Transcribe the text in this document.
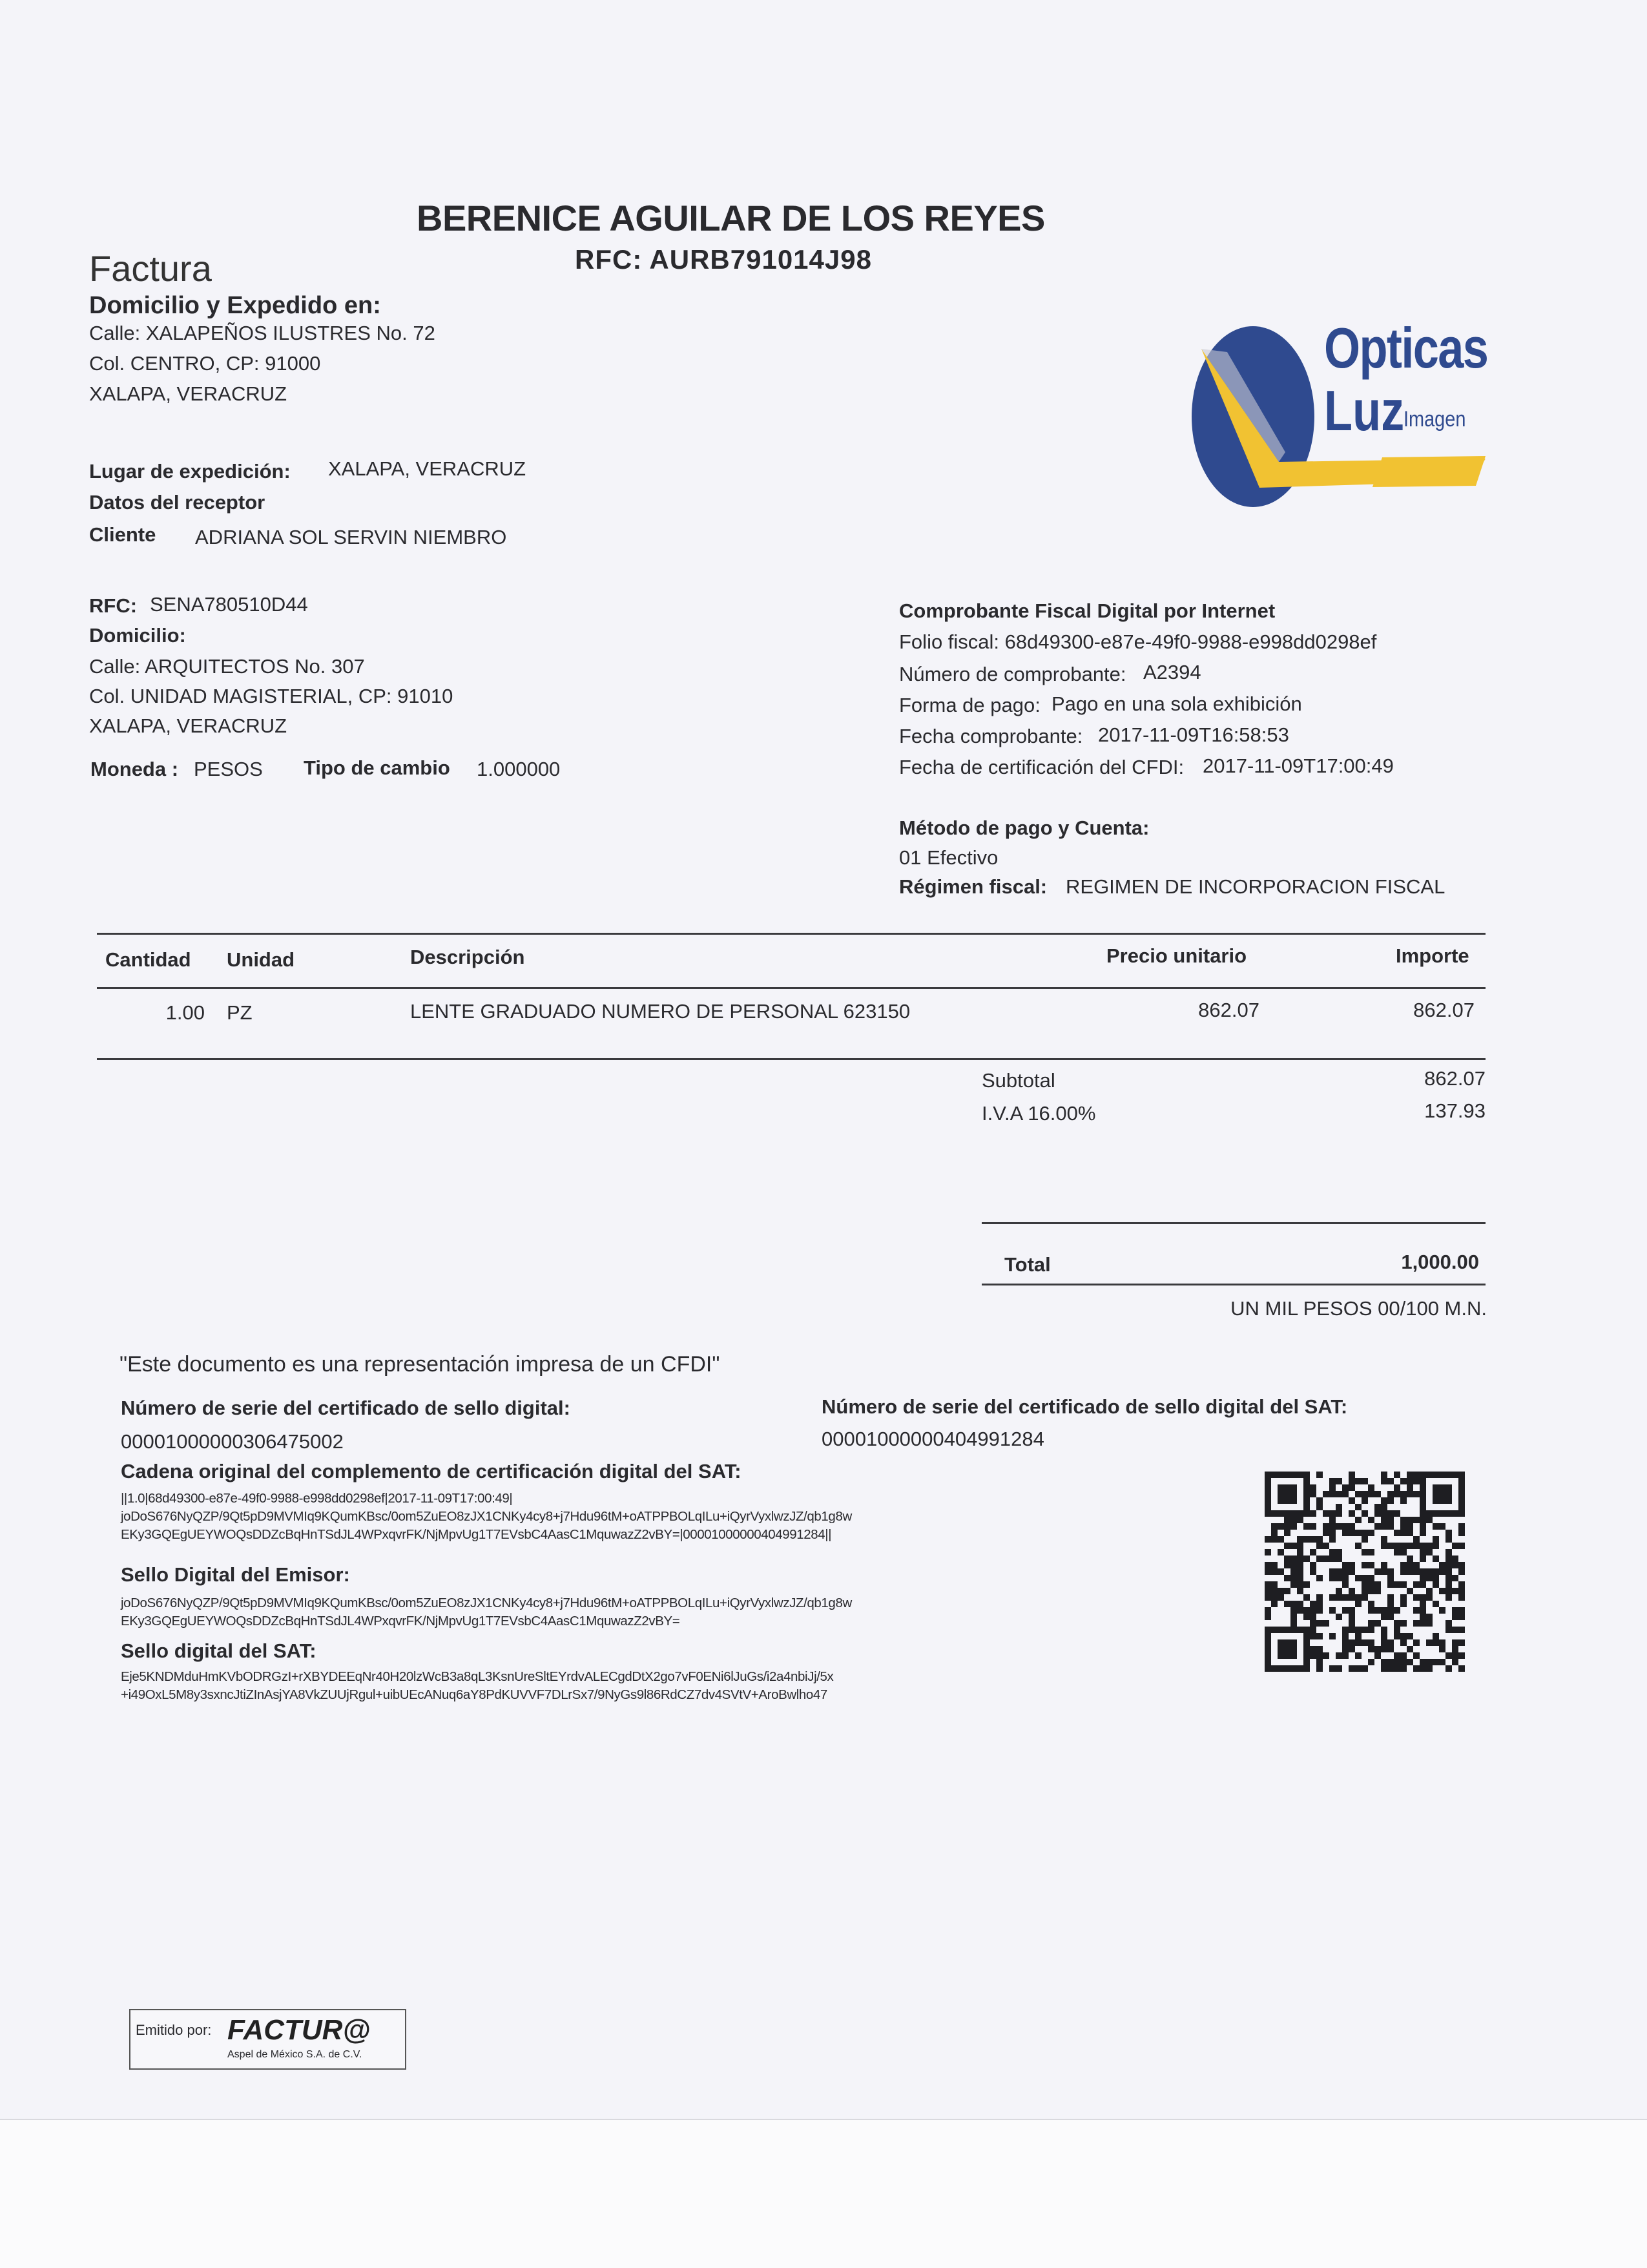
BERENICE AGUILAR DE LOS REYES
RFC: AURB791014J98
Factura
Domicilio y Expedido en:
Calle: XALAPEÑOS ILUSTRES No. 72
Col. CENTRO, CP: 91000
XALAPA, VERACRUZ
Opticas
Luz
Imagen
Lugar de expedición: XALAPA, VERACRUZ
Datos del receptor
Cliente ADRIANA SOL SERVIN NIEMBRO
RFC: SENA780510D44
Domicilio:
Calle: ARQUITECTOS No. 307
Col. UNIDAD MAGISTERIAL, CP: 91010
XALAPA, VERACRUZ
Moneda : PESOS Tipo de cambio 1.000000
Comprobante Fiscal Digital por Internet
Folio fiscal: 68d49300-e87e-49f0-9988-e998dd0298ef
Número de comprobante: A2394
Forma de pago: Pago en una sola exhibición
Fecha comprobante: 2017-11-09T16:58:53
Fecha de certificación del CFDI: 2017-11-09T17:00:49
Método de pago y Cuenta:
01 Efectivo
Régimen fiscal: REGIMEN DE INCORPORACION FISCAL
Cantidad Unidad	Descripción	Precio unitario	Importe
1.00 PZ	LENTE GRADUADO NUMERO DE PERSONAL 623150	862.07	862.07
Subtotal	862.07
I.V.A 16.00%	137.93
Total	1,000.00
UN MIL PESOS 00/100 M.N.
"Este documento es una representación impresa de un CFDI"
Número de serie del certificado de sello digital:
00001000000306475002
Número de serie del certificado de sello digital del SAT:
00001000000404991284
Cadena original del complemento de certificación digital del SAT:
||1.0|68d49300-e87e-49f0-9988-e998dd0298ef|2017-11-09T17:00:49|
joDoS676NyQZP/9Qt5pD9MVMIq9KQumKBsc/0om5ZuEO8zJX1CNKy4cy8+j7Hdu96tM+oATPPBOLqILu+iQyrVyxlwzJZ/qb1g8w
EKy3GQEgUEYWOQsDDZcBqHnTSdJL4WPxqvrFK/NjMpvUg1T7EVsbC4AasC1MquwazZ2vBY=|00001000000404991284||
Sello Digital del Emisor:
joDoS676NyQZP/9Qt5pD9MVMIq9KQumKBsc/0om5ZuEO8zJX1CNKy4cy8+j7Hdu96tM+oATPPBOLqILu+iQyrVyxlwzJZ/qb1g8w
EKy3GQEgUEYWOQsDDZcBqHnTSdJL4WPxqvrFK/NjMpvUg1T7EVsbC4AasC1MquwazZ2vBY=
Sello digital del SAT:
Eje5KNDMduHmKVbODRGzI+rXBYDEEqNr40H20lzWcB3a8qL3KsnUreSltEYrdvALECgdDtX2go7vF0ENi6lJuGs/i2a4nbiJj/5x
+i49OxL5M8y3sxncJtiZInAsjYA8VkZUUjRgul+uibUEcANuq6aY8PdKUVVF7DLrSx7/9NyGs9l86RdCZ7dv4SVtV+AroBwlho47
Emitido por: FACTUR@
Aspel de México S.A. de C.V.
